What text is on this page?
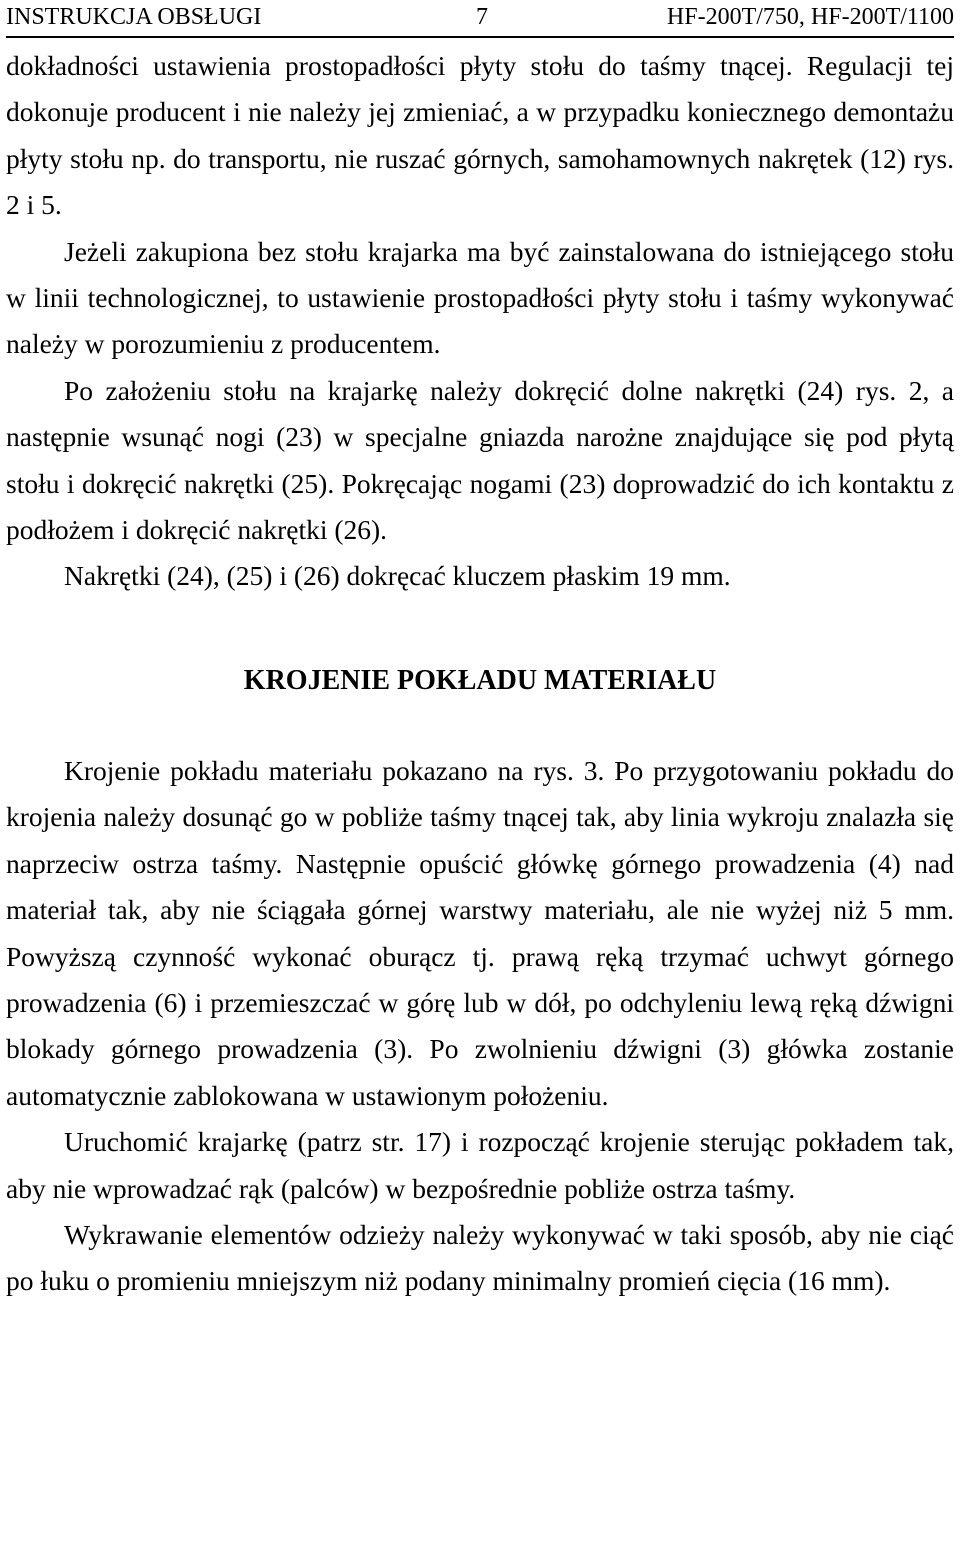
INSTRUKCJA OBSŁUGI	7	HF-200T/750, HF-200T/1100

dokładności ustawienia prostopadłości płyty stołu do taśmy tnącej. Regulacji tej dokonuje producent i nie należy jej zmieniać, a w przypadku koniecznego demontażu płyty stołu np. do transportu, nie ruszać górnych, samohamownych nakrętek (12) rys. 2 i 5.

Jeżeli zakupiona bez stołu krajarka ma być zainstalowana do istniejącego stołu w linii technologicznej, to ustawienie prostopadłości płyty stołu i taśmy wykonywać należy w porozumieniu z producentem.

Po założeniu stołu na krajarkę należy dokręcić dolne nakrętki (24) rys. 2, a następnie wsunąć nogi (23) w specjalne gniazda narożne znajdujące się pod płytą stołu i dokręcić nakrętki (25). Pokręcając nogami (23) doprowadzić do ich kontaktu z podłożem i dokręcić nakrętki (26).

Nakrętki (24), (25) i (26) dokręcać kluczem płaskim 19 mm.

KROJENIE POKŁADU MATERIAŁU

Krojenie pokładu materiału pokazano na rys. 3. Po przygotowaniu pokładu do krojenia należy dosunąć go w pobliże taśmy tnącej tak, aby linia wykroju znalazła się naprzeciw ostrza taśmy. Następnie opuścić główkę górnego prowadzenia (4) nad materiał tak, aby nie ściągała górnej warstwy materiału, ale nie wyżej niż 5 mm. Powyższą czynność wykonać oburącz tj. prawą ręką trzymać uchwyt górnego prowadzenia (6) i przemieszczać w górę lub w dół, po odchyleniu lewą ręką dźwigni blokady górnego prowadzenia (3). Po zwolnieniu dźwigni (3) główka zostanie automatycznie zablokowana w ustawionym położeniu.

Uruchomić krajarkę (patrz str. 17) i rozpocząć krojenie sterując pokładem tak, aby nie wprowadzać rąk (palców) w bezpośrednie pobliże ostrza taśmy.

Wykrawanie elementów odzieży należy wykonywać w taki sposób, aby nie ciąć po łuku o promieniu mniejszym niż podany minimalny promień cięcia (16 mm).
